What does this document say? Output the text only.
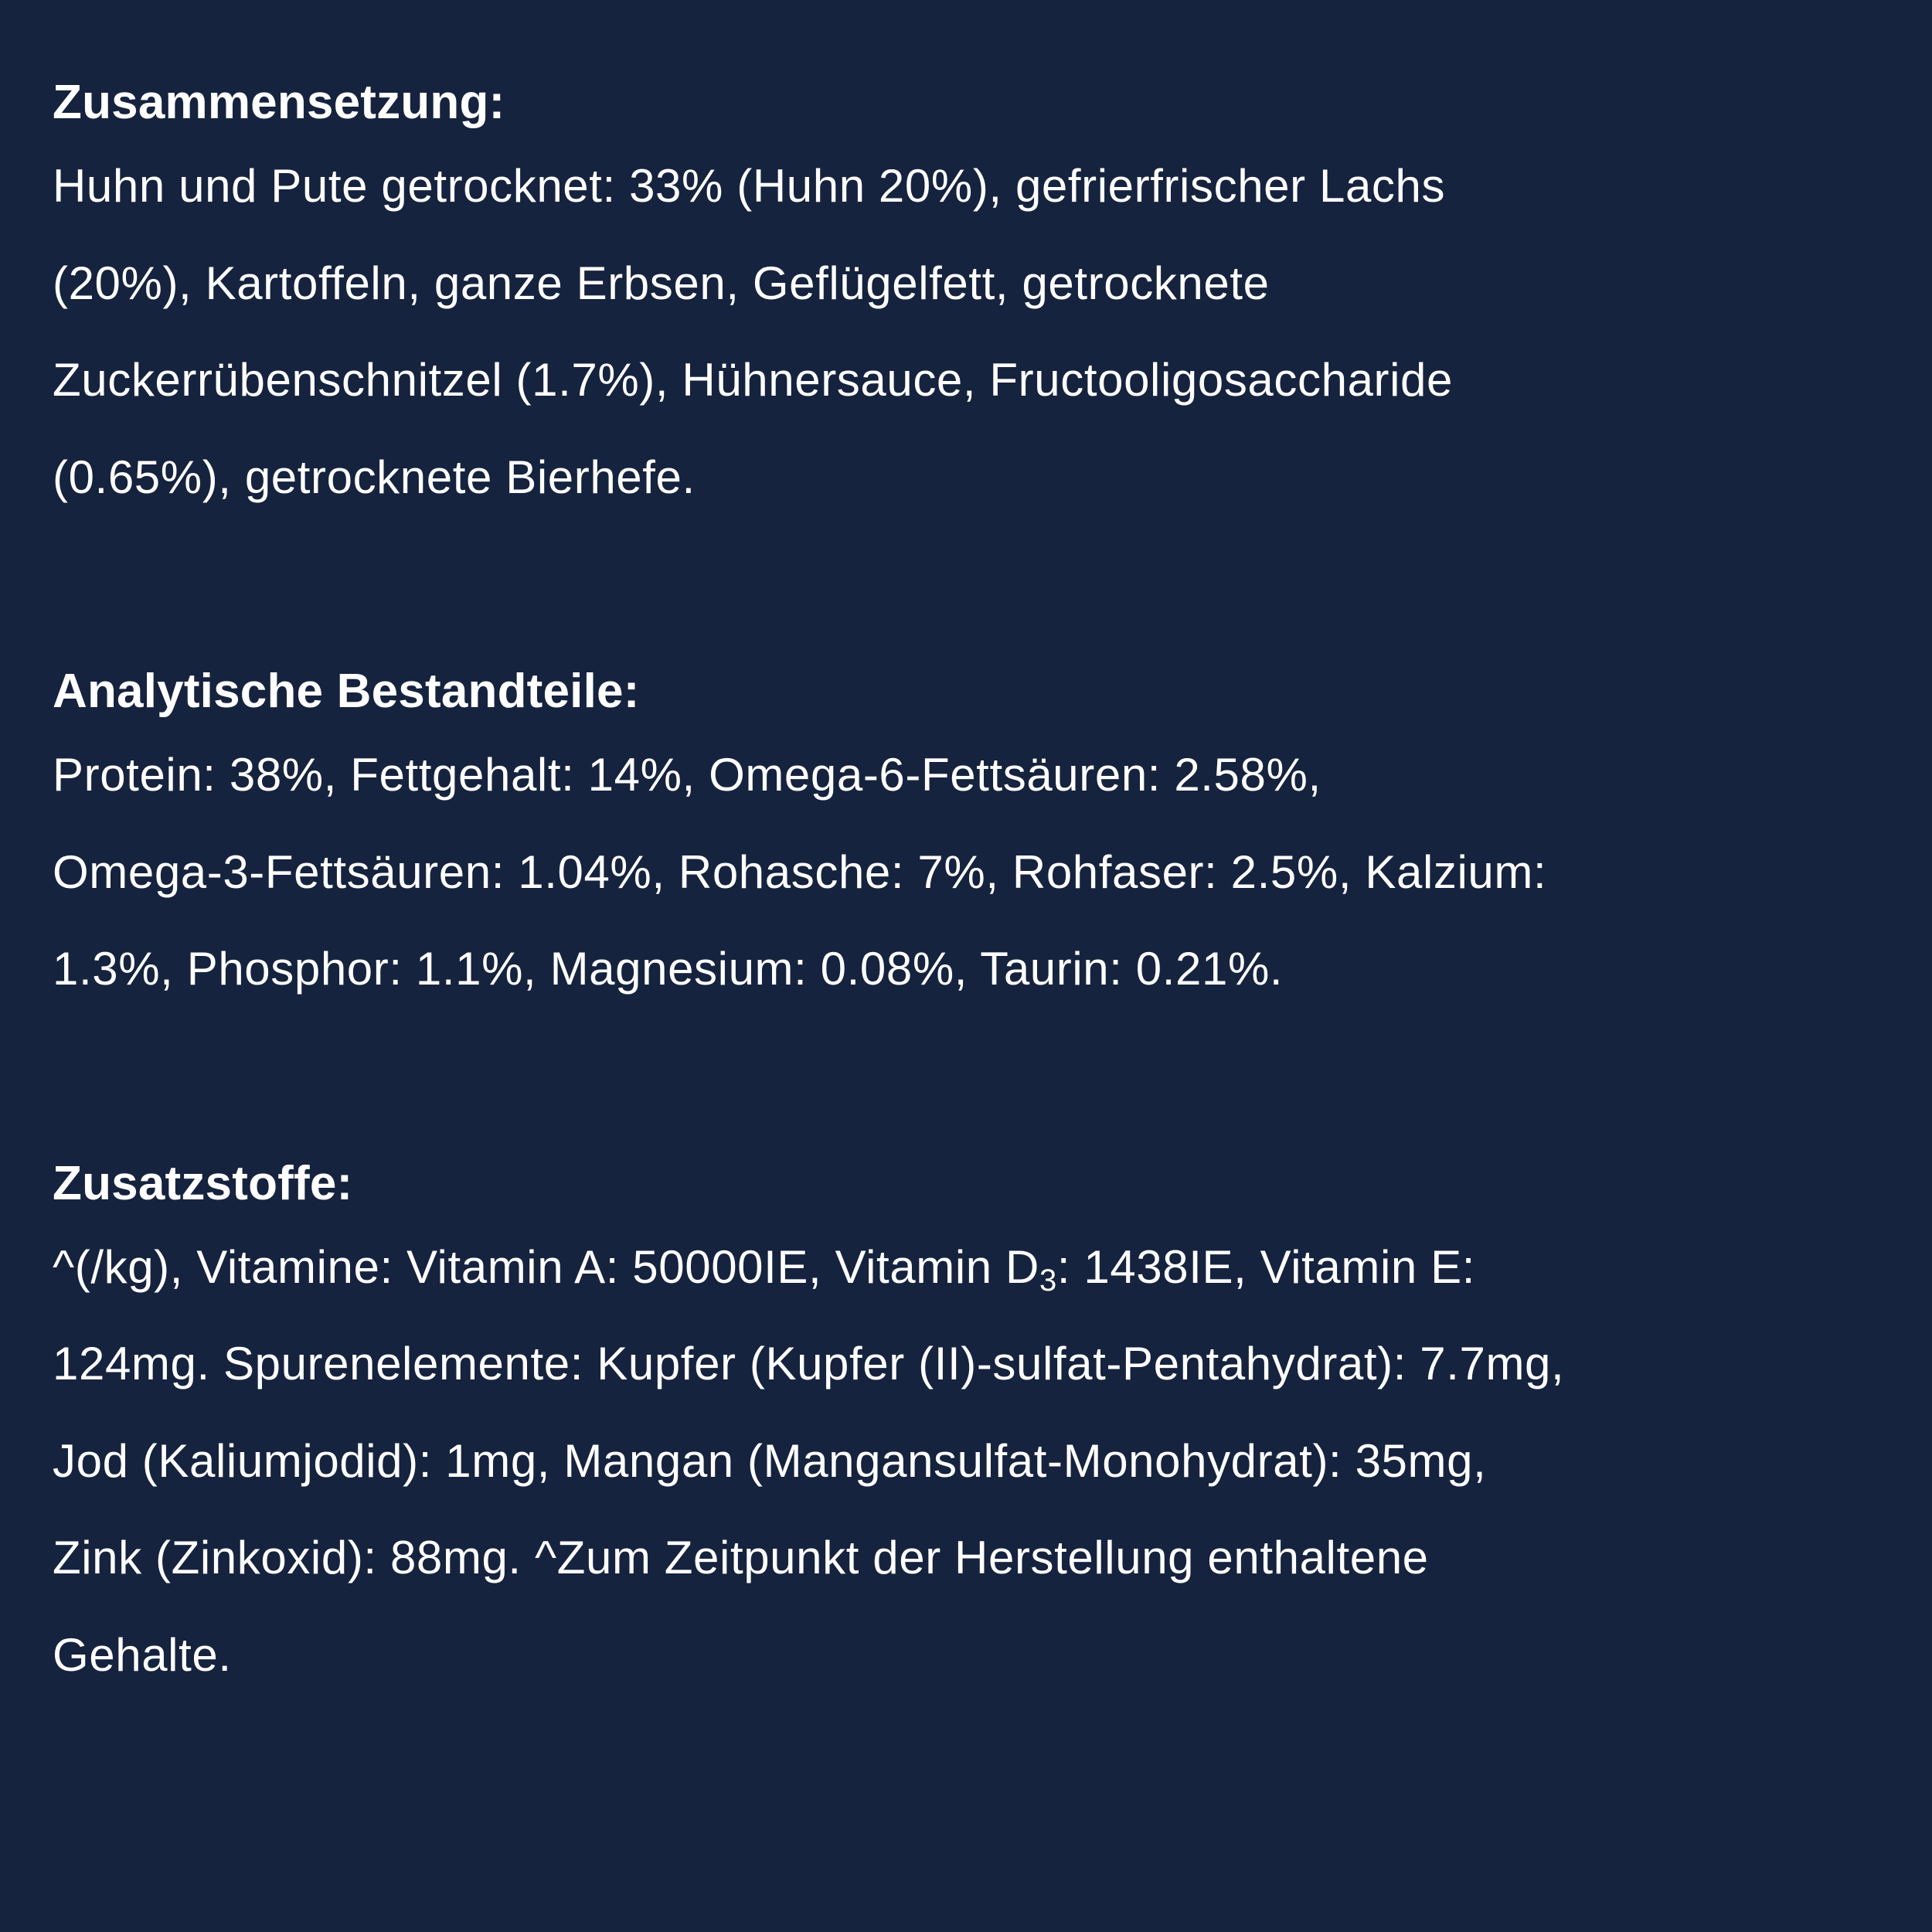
Zusammensetzung:

Huhn und Pute getrocknet: 33% (Huhn 20%), gefrierfrischer Lachs
(20%), Kartoffeln, ganze Erbsen, Geflügelfett, getrocknete
Zuckerrübenschnitzel (1.7%), Hühnersauce, Fructooligosaccharide
(0.65%), getrocknete Bierhefe.

Analytische Bestandteile:

Protein: 38%, Fettgehalt: 14%, Omega-6-Fettsäuren: 2.58%,
Omega-3-Fettsäuren: 1.04%, Rohasche: 7%, Rohfaser: 2.5%, Kalzium:
1.3%, Phosphor: 1.1%, Magnesium: 0.08%, Taurin: 0.21%.

Zusatzstoffe:

^(/kg), Vitamine: Vitamin A: 50000IE, Vitamin $D_3$: 1438IE, Vitamin E:
124mg. Spurenelemente: Kupfer (Kupfer (II)-sulfat-Pentahydrat): 7.7mg,
Jod (Kaliumjodid): 1mg, Mangan (Mangansulfat-Monohydrat): 35mg,
Zink (Zinkoxid): 88mg. ^Zum Zeitpunkt der Herstellung enthaltene
Gehalte.
